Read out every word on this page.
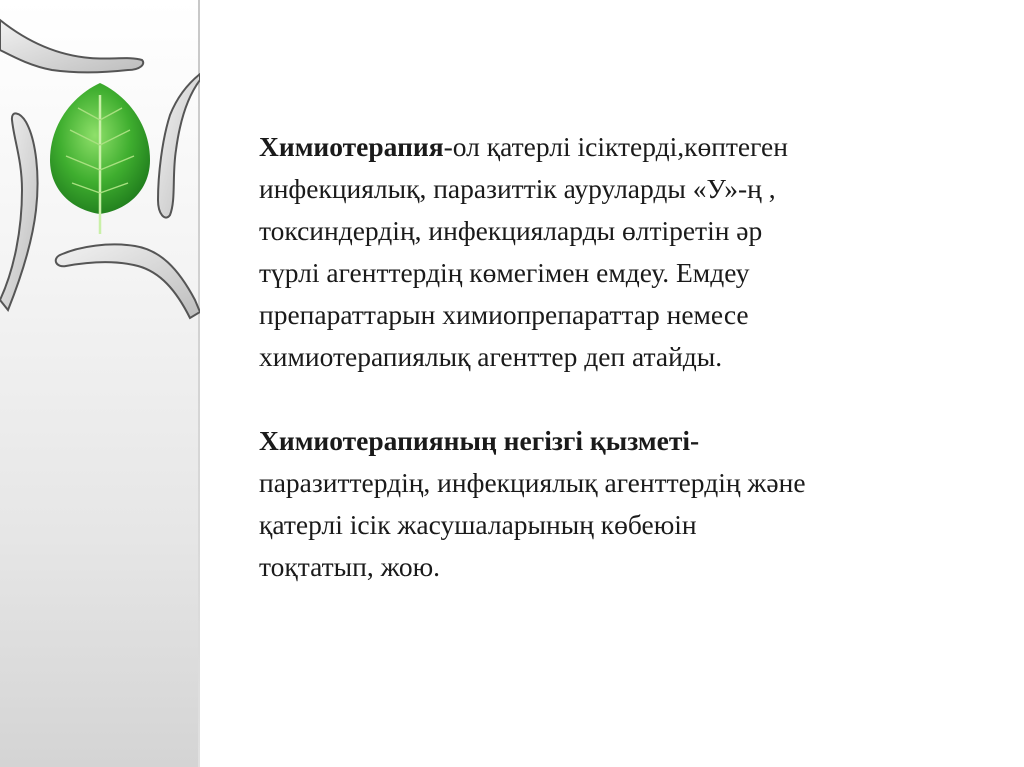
Химиотерапия-ол қатерлі ісіктерді,көптеген
инфекциялық, паразиттік ауруларды «У»-ң ,
токсиндердің, инфекцияларды өлтіретін әр
түрлі агенттердің көмегімен емдеу. Емдеу
препараттарын химиопрепараттар немесе
химиотерапиялық агенттер деп атайды.

Химиотерапияның негізгі қызметі-
паразиттердің, инфекциялық агенттердің және
қатерлі ісік жасушаларының көбеюін
тоқтатып, жою.
